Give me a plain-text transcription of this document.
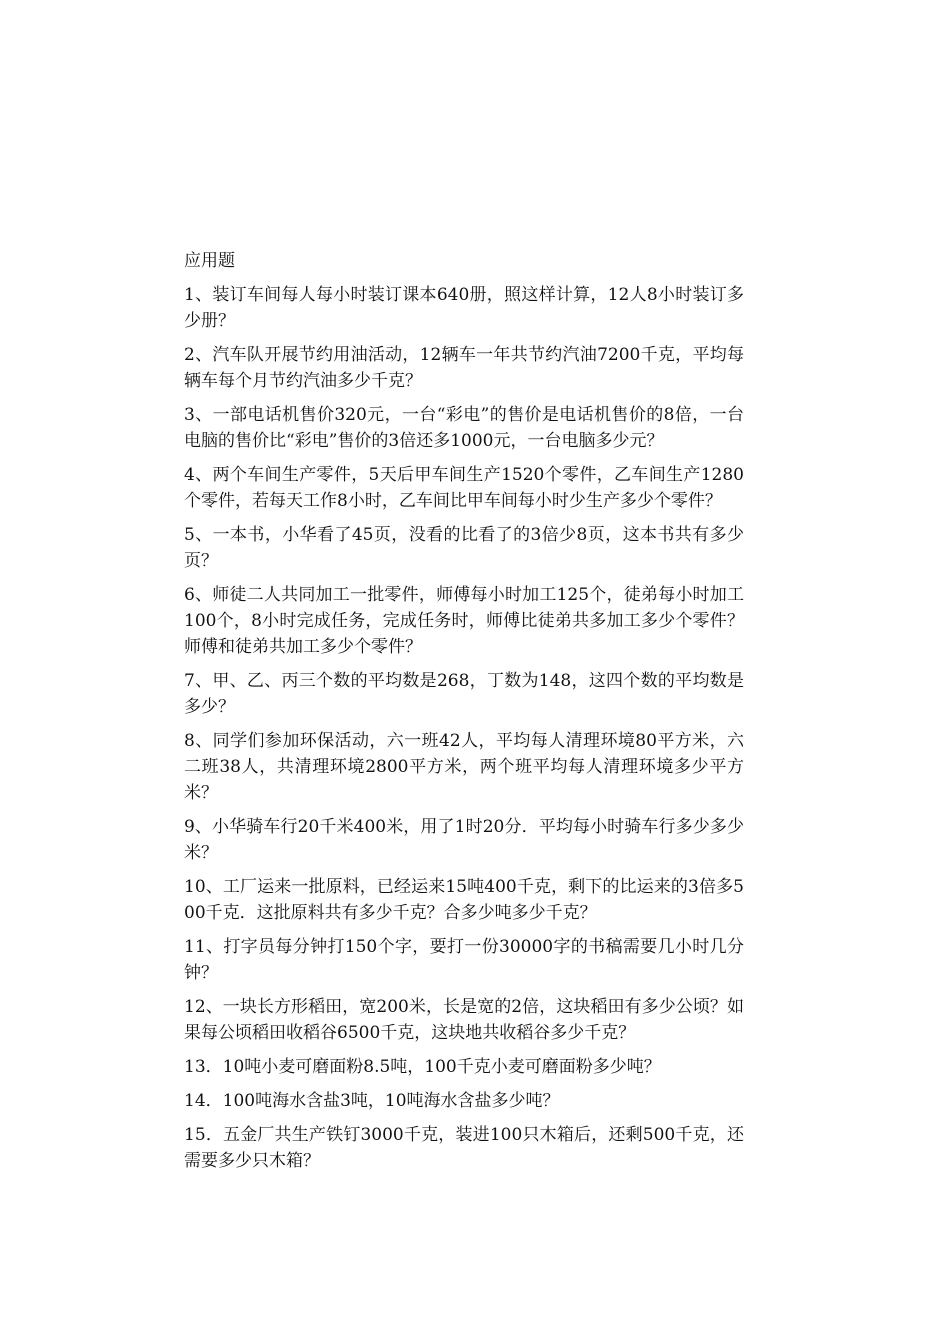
应用题

1、装订车间每人每小时装订课本640册，照这样计算，12人8小时装订多少册？

2、汽车队开展节约用油活动，12辆车一年共节约汽油7200千克，平均每辆车每个月节约汽油多少千克？

3、一部电话机售价320元，一台“彩电”的售价是电话机售价的8倍，一台电脑的售价比“彩电”售价的3倍还多1000元，一台电脑多少元？

4、两个车间生产零件，5天后甲车间生产1520个零件，乙车间生产1280个零件，若每天工作8小时，乙车间比甲车间每小时少生产多少个零件？

5、一本书，小华看了45页，没看的比看了的3倍少8页，这本书共有多少页？

6、师徒二人共同加工一批零件，师傅每小时加工125个，徒弟每小时加工100个，8小时完成任务，完成任务时，师傅比徒弟共多加工多少个零件？师傅和徒弟共加工多少个零件？

7、甲、乙、丙三个数的平均数是268，丁数为148，这四个数的平均数是多少？

8、同学们参加环保活动，六一班42人，平均每人清理环境80平方米，六二班38人，共清理环境2800平方米，两个班平均每人清理环境多少平方米？

9、小华骑车行20千米400米，用了1时20分．平均每小时骑车行多少多少米？

10、工厂运来一批原料，已经运来15吨400千克，剩下的比运来的3倍多500千克．这批原料共有多少千克？合多少吨多少千克？

11、打字员每分钟打150个字，要打一份30000字的书稿需要几小时几分钟？

12、一块长方形稻田，宽200米，长是宽的2倍，这块稻田有多少公顷？如果每公顷稻田收稻谷6500千克，这块地共收稻谷多少千克？

13．10吨小麦可磨面粉8.5吨，100千克小麦可磨面粉多少吨？

14．100吨海水含盐3吨，10吨海水含盐多少吨？

15．五金厂共生产铁钉3000千克，装进100只木箱后，还剩500千克，还需要多少只木箱？
